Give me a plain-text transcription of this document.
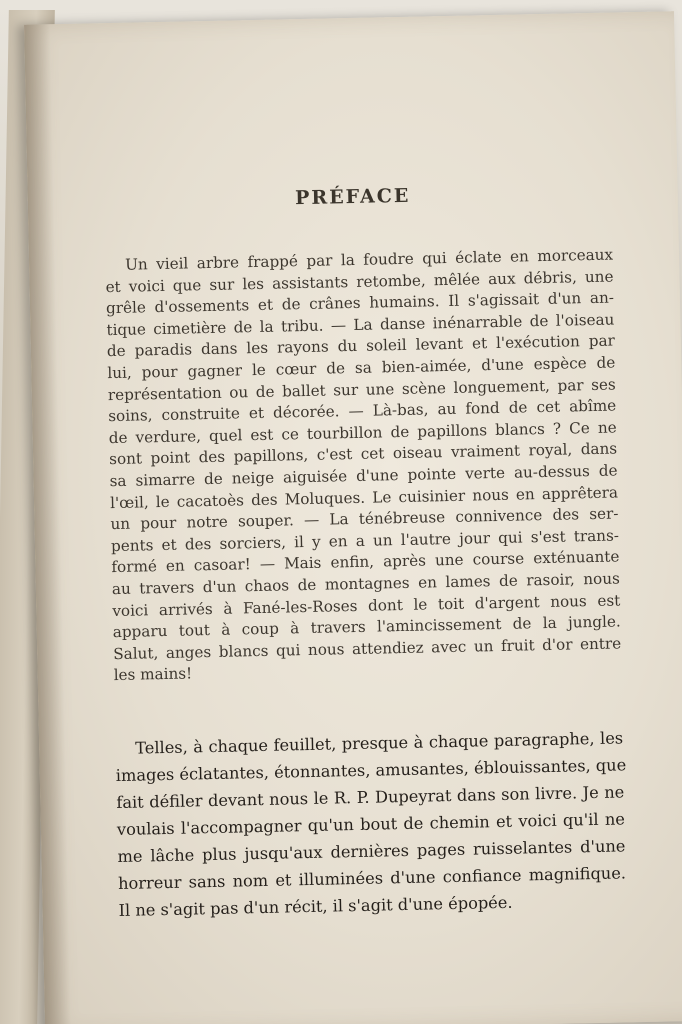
PRÉFACE
Un vieil arbre frappé par la foudre qui éclate en morceaux
et voici que sur les assistants retombe, mêlée aux débris, une
grêle d'ossements et de crânes humains. Il s'agissait d'un an-
tique cimetière de la tribu. — La danse inénarrable de l'oiseau
de paradis dans les rayons du soleil levant et l'exécution par
lui, pour gagner le cœur de sa bien-aimée, d'une espèce de
représentation ou de ballet sur une scène longuement, par ses
soins, construite et décorée. — Là-bas, au fond de cet abîme
de verdure, quel est ce tourbillon de papillons blancs ? Ce ne
sont point des papillons, c'est cet oiseau vraiment royal, dans
sa simarre de neige aiguisée d'une pointe verte au-dessus de
l'œil, le cacatoès des Moluques. Le cuisinier nous en apprêtera
un pour notre souper. — La ténébreuse connivence des ser-
pents et des sorciers, il y en a un l'autre jour qui s'est trans-
formé en casoar! — Mais enfin, après une course exténuante
au travers d'un chaos de montagnes en lames de rasoir, nous
voici arrivés à Fané-les-Roses dont le toit d'argent nous est
apparu tout à coup à travers l'amincissement de la jungle.
Salut, anges blancs qui nous attendiez avec un fruit d'or entre
les mains!
Telles, à chaque feuillet, presque à chaque paragraphe, les
images éclatantes, étonnantes, amusantes, éblouissantes, que
fait défiler devant nous le R. P. Dupeyrat dans son livre. Je ne
voulais l'accompagner qu'un bout de chemin et voici qu'il ne
me lâche plus jusqu'aux dernières pages ruisselantes d'une
horreur sans nom et illuminées d'une confiance magnifique.
Il ne s'agit pas d'un récit, il s'agit d'une épopée.
